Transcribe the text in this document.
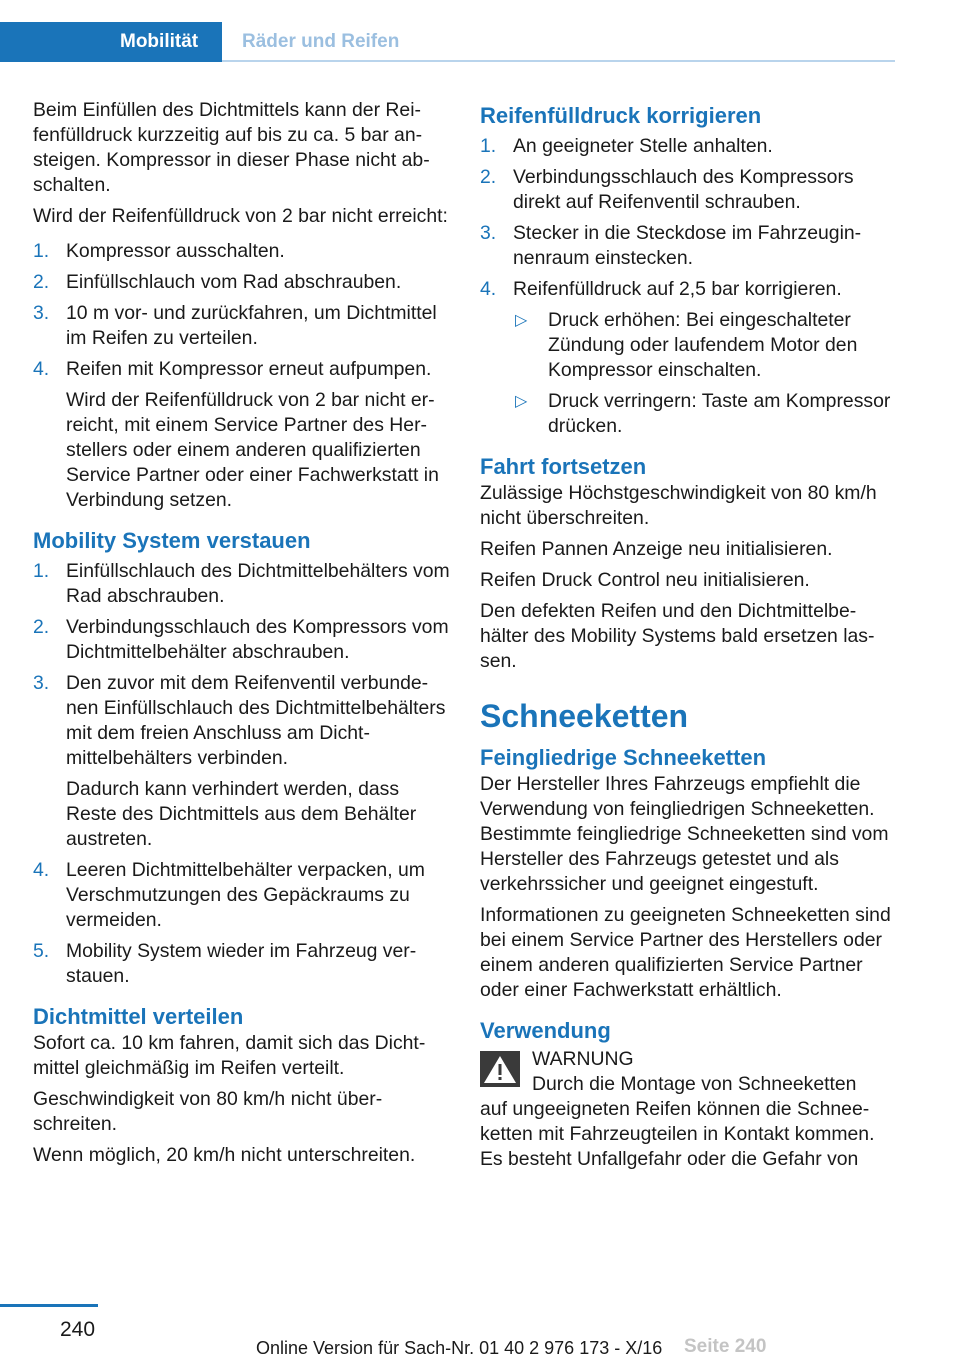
Mobilität	Räder und Reifen

Beim Einfüllen des Dichtmittels kann der Reifenfülldruck kurzzeitig auf bis zu ca. 5 bar ansteigen. Kompressor in dieser Phase nicht abschalten.

Wird der Reifenfülldruck von 2 bar nicht erreicht:

1. Kompressor ausschalten.
2. Einfüllschlauch vom Rad abschrauben.
3. 10 m vor- und zurückfahren, um Dichtmittel im Reifen zu verteilen.
4. Reifen mit Kompressor erneut aufpumpen.
Wird der Reifenfülldruck von 2 bar nicht erreicht, mit einem Service Partner des Herstellers oder einem anderen qualifizierten Service Partner oder einer Fachwerkstatt in Verbindung setzen.
Mobility System verstauen
1. Einfüllschlauch des Dichtmittelbehälters vom Rad abschrauben.
2. Verbindungsschlauch des Kompressors vom Dichtmittelbehälter abschrauben.
3. Den zuvor mit dem Reifenventil verbundenen Einfüllschlauch des Dichtmittelbehälters mit dem freien Anschluss am Dichtmittelbehälters verbinden.
Dadurch kann verhindert werden, dass Reste des Dichtmittels aus dem Behälter austreten.
4. Leeren Dichtmittelbehälter verpacken, um Verschmutzungen des Gepäckraums zu vermeiden.
5. Mobility System wieder im Fahrzeug verstauen.
Dichtmittel verteilen

Sofort ca. 10 km fahren, damit sich das Dichtmittel gleichmäßig im Reifen verteilt.

Geschwindigkeit von 80 km/h nicht überschreiten.

Wenn möglich, 20 km/h nicht unterschreiten.

Reifenfülldruck korrigieren
1. An geeigneter Stelle anhalten.
2. Verbindungsschlauch des Kompressors direkt auf Reifenventil schrauben.
3. Stecker in die Steckdose im Fahrzeuginnenraum einstecken.
4. Reifenfülldruck auf 2,5 bar korrigieren.
▷ Druck erhöhen: Bei eingeschalteter Zündung oder laufendem Motor den Kompressor einschalten.
▷ Druck verringern: Taste am Kompressor drücken.
Fahrt fortsetzen

Zulässige Höchstgeschwindigkeit von 80 km/h nicht überschreiten.

Reifen Pannen Anzeige neu initialisieren.

Reifen Druck Control neu initialisieren.

Den defekten Reifen und den Dichtmittelbehälter des Mobility Systems bald ersetzen lassen.

Schneeketten
Feingliedrige Schneeketten

Der Hersteller Ihres Fahrzeugs empfiehlt die Verwendung von feingliedrigen Schneeketten. Bestimmte feingliedrige Schneeketten sind vom Hersteller des Fahrzeugs getestet und als verkehrssicher und geeignet eingestuft.

Informationen zu geeigneten Schneeketten sind bei einem Service Partner des Herstellers oder einem anderen qualifizierten Service Partner oder einer Fachwerkstatt erhältlich.

Verwendung
WARNUNG
Durch die Montage von Schneeketten

auf ungeeigneten Reifen können die Schneeketten mit Fahrzeugteilen in Kontakt kommen. Es besteht Unfallgefahr oder die Gefahr von

240
Online Version für Sach-Nr. 01 40 2 976 173 - X/16 Seite 240
